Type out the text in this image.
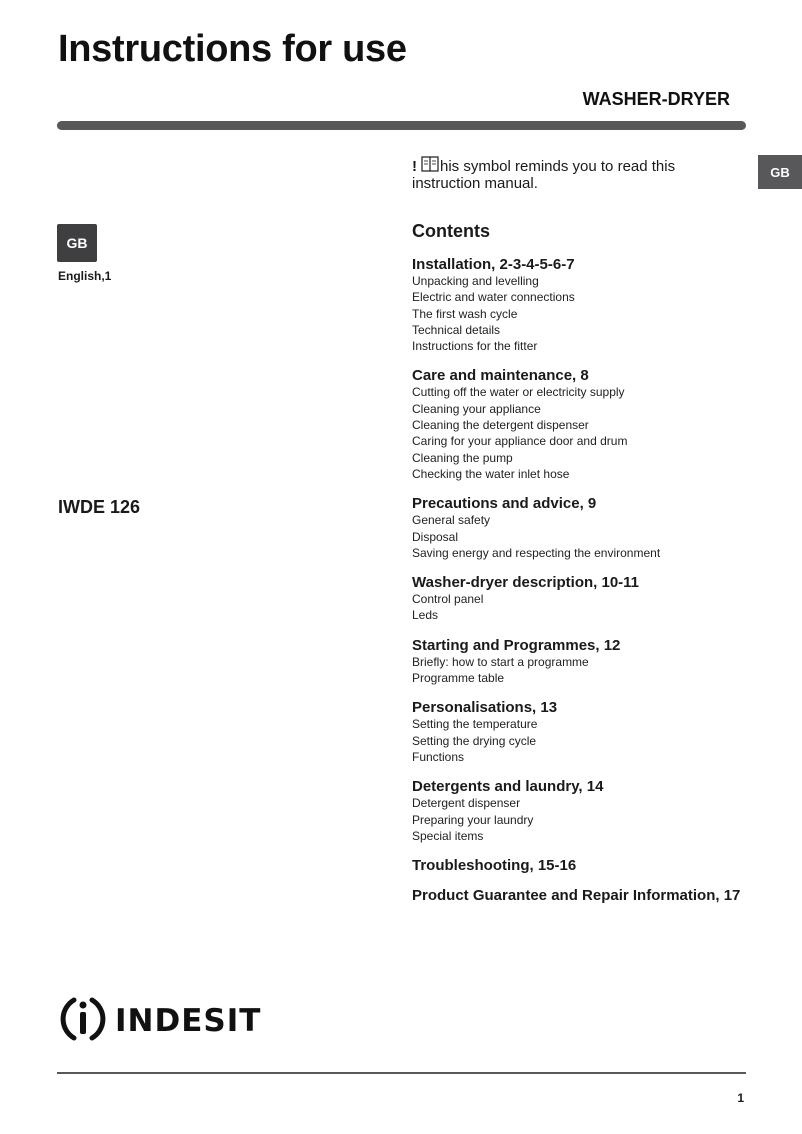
Instructions for use
WASHER-DRYER
GB
GB
English,1
IWDE 126
! his symbol reminds you to read this instruction manual.
Contents
Installation, 2-3-4-5-6-7
Unpacking and levelling
Electric and water connections
The first wash cycle
Technical details
Instructions for the fitter
Care and maintenance, 8
Cutting off the water or electricity supply
Cleaning your appliance
Cleaning the detergent dispenser
Caring for your appliance door and drum
Cleaning the pump
Checking the water inlet hose
Precautions and advice, 9
General safety
Disposal
Saving energy and respecting the environment
Washer-dryer description, 10-11
Control panel
Leds
Starting and Programmes, 12
Briefly: how to start a programme
Programme table
Personalisations, 13
Setting the temperature
Setting the drying cycle
Functions
Detergents and laundry, 14
Detergent dispenser
Preparing your laundry
Special items
Troubleshooting, 15-16
Product Guarantee and Repair Information, 17
INDESIT
1
